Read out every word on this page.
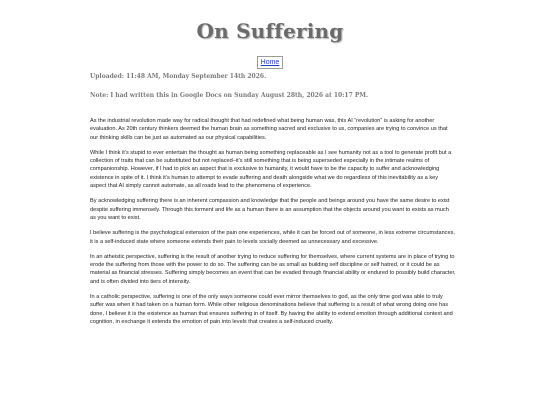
On Suffering
Home
Uploaded: 11:48 AM, Monday September 14th 2026.
Note: I had written this in Google Docs on Sunday August 28th, 2026 at 10:17 PM.

As the industrial revolution made way for radical thought that had redefined what being human was, this AI “revolution” is asking for another evaluation. As 20th century thinkers deemed the human brain as something sacred and exclusive to us, companies are trying to convince us that our thinking skills can be just as automated as our physical capabilities.

While I think it’s stupid to ever entertain the thought as human being something replaceable as I see humanity not as a tool to generate profit but a collection of traits that can be substituted but not replaced–it’s still something that is being superseded especially in the intimate realms of companionship. However, if I had to pick an aspect that is exclusive to humanity, it would have to be the capacity to suffer and acknowledging existence in spite of it. I think it’s human to attempt to evade suffering and death alongside what we do regardless of this inevitability as a key aspect that AI simply cannot automate, as all roads lead to the phenomena of experience.

By acknowledging suffering there is an inherent compassion and knowledge that the people and beings around you have the same desire to exist despite suffering immensely. Through this torment and life as a human there is an assumption that the objects around you want to exists as much as you want to exist.

I believe suffering is the psychological extension of the pain one experiences, while it can be forced out of someone, in less extreme circumstances, it is a self-induced state where someone extends their pain to levels socially deemed as unnecessary and excessive.

In an atheistic perspective, suffering is the result of another trying to reduce suffering for themselves, where current systems are in place of trying to erode the suffering from those with the power to do so. The suffering can be as small as building self discipline or self hatred, or it could be as material as financial stresses. Suffering simply becomes an event that can be evaded through financial ability or endured to possibly build character, and is often divided into tiers of intensity.

In a catholic perspective, suffering is one of the only ways someone could ever mirror themselves to god, as the only time god was able to truly suffer was when it had taken on a human form. While other religious denominations believe that suffering is a result of what wrong doing one has done, I believe it is the existence as human that ensures suffering in of itself. By having the ability to extend emotion through additional context and cognition, in exchange it extends the emotion of pain into levels that creates a self-induced cruelty.
